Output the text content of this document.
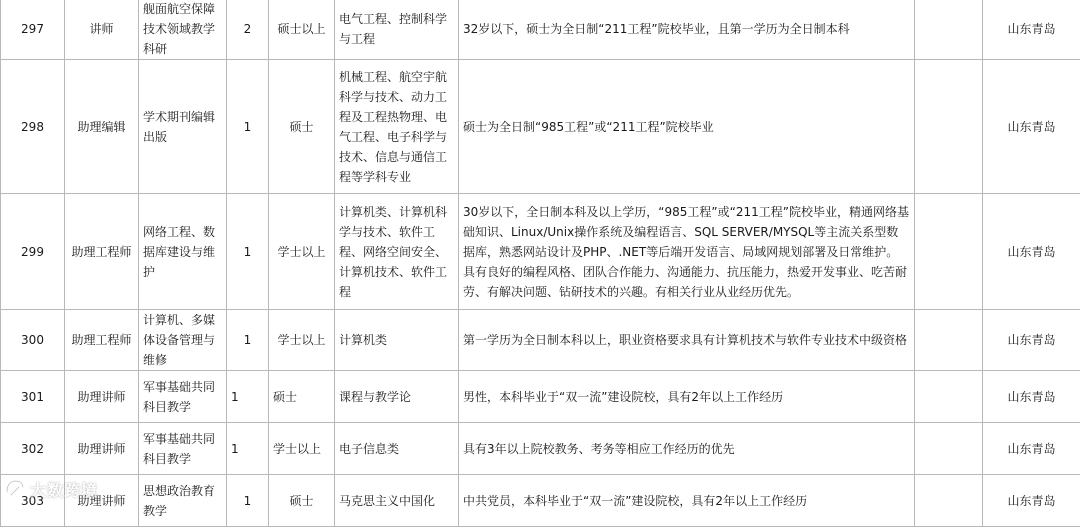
297	讲师	舰面航空保障技术领域教学科研	2	硕士以上	电气工程、控制科学与工程	32岁以下，硕士为全日制“211工程”院校毕业，且第一学历为全日制本科		山东青岛
298	助理编辑	学术期刊编辑出版	1	硕士	机械工程、航空宇航科学与技术、动力工程及工程热物理、电气工程、电子科学与技术、信息与通信工程等学科专业	硕士为全日制“985工程”或“211工程”院校毕业		山东青岛
299	助理工程师	网络工程、数据库建设与维护	1	学士以上	计算机类、计算机科学与技术、软件工程、网络空间安全、计算机技术、软件工程	30岁以下，全日制本科及以上学历，“985工程”或“211工程”院校毕业，精通网络基础知识、Linux/Unix操作系统及编程语言、SQL SERVER/MYSQL等主流关系型数据库，熟悉网站设计及PHP、.NET等后端开发语言、局域网规划部署及日常维护。具有良好的编程风格、团队合作能力、沟通能力、抗压能力，热爱开发事业、吃苦耐劳、有解决问题、钻研技术的兴趣。有相关行业从业经历优先。		山东青岛
300	助理工程师	计算机、多媒体设备管理与维修	1	学士以上	计算机类	第一学历为全日制本科以上，职业资格要求具有计算机技术与软件专业技术中级资格		山东青岛
301	助理讲师	军事基础共同科目教学	1	硕士	课程与教学论	男性，本科毕业于“双一流”建设院校，具有2年以上工作经历		山东青岛
302	助理讲师	军事基础共同科目教学	1	学士以上	电子信息类	具有3年以上院校教务、考务等相应工作经历的优先		山东青岛
303	助理讲师	思想政治教育教学	1	硕士	马克思主义中国化	中共党员，本科毕业于“双一流”建设院校，具有2年以上工作经历		山东青岛
大数跨境
